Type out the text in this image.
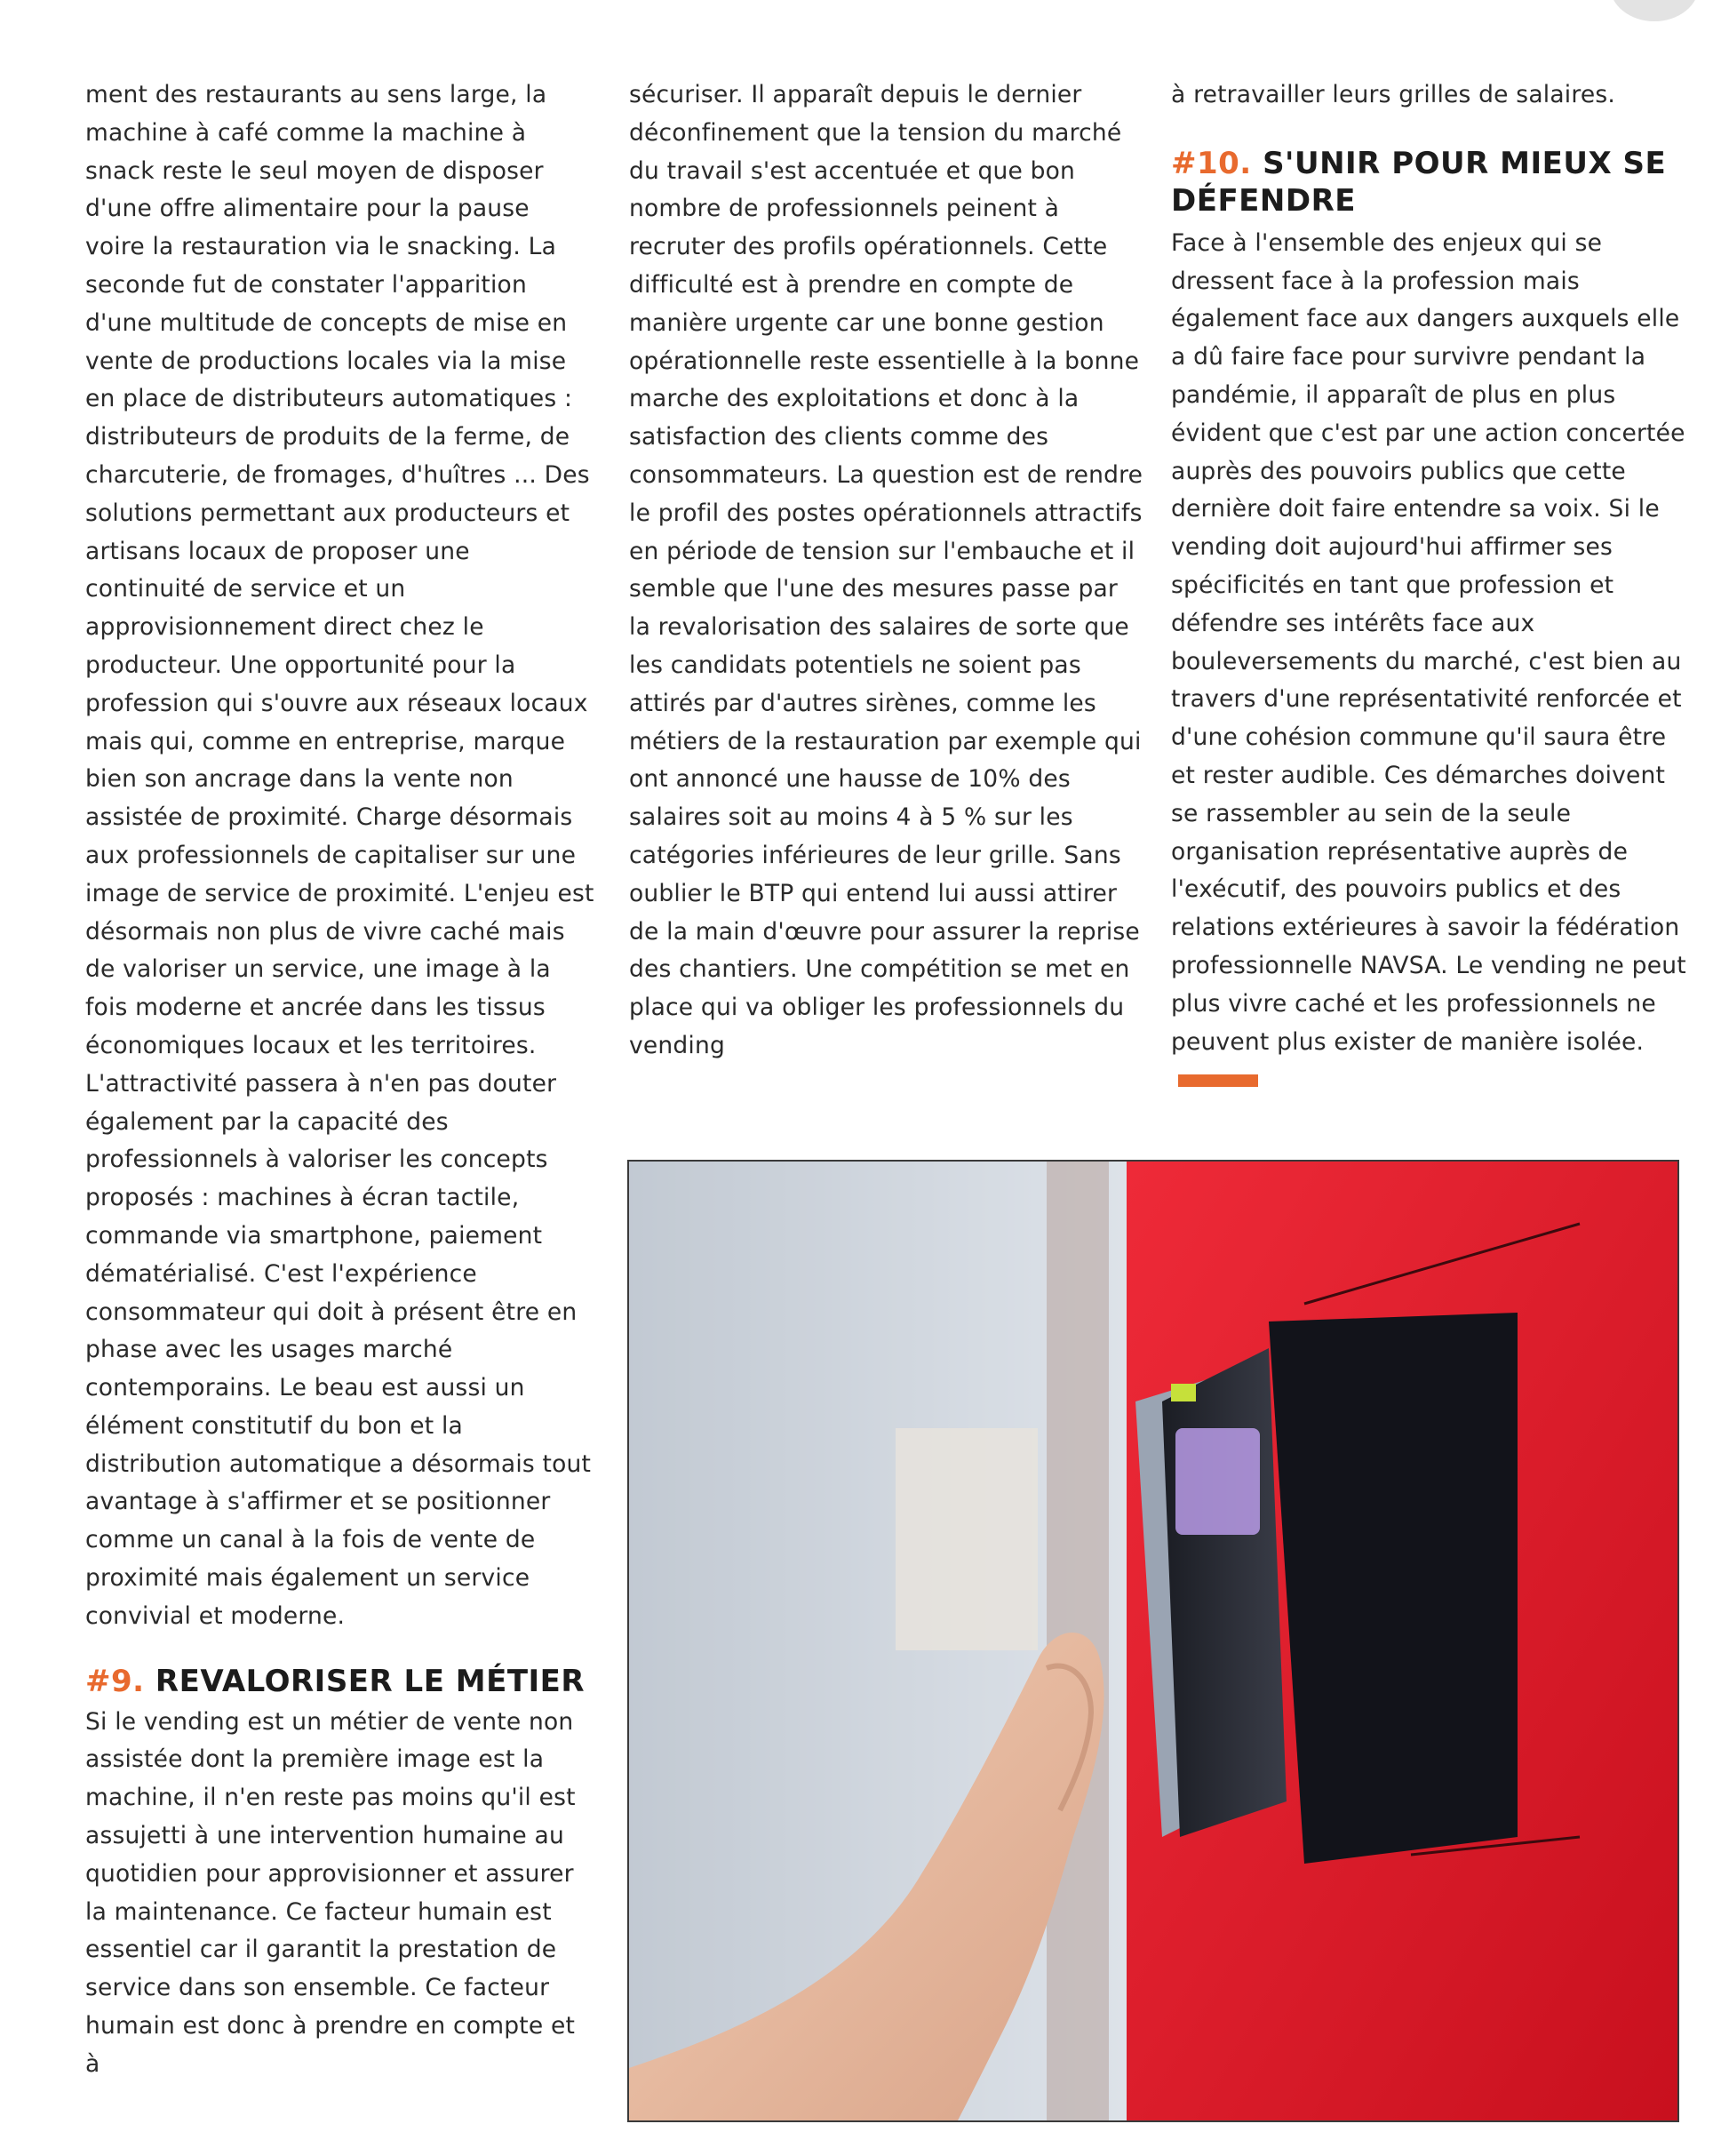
ment des restaurants au sens large, la machine à café comme la machine à snack reste le seul moyen de disposer d'une offre alimentaire pour la pause voire la restauration via le snacking. La seconde fut de constater l'apparition d'une multitude de concepts de mise en vente de productions locales via la mise en place de distributeurs automatiques : distributeurs de produits de la ferme, de charcuterie, de fromages, d'huîtres ... Des solutions permettant aux producteurs et artisans locaux de proposer une continuité de service et un approvisionnement direct chez le producteur. Une opportunité pour la profession qui s'ouvre aux réseaux locaux mais qui, comme en entreprise, marque bien son ancrage dans la vente non assistée de proximité. Charge désormais aux professionnels de capitaliser sur une image de service de proximité. L'enjeu est désormais non plus de vivre caché mais de valoriser un service, une image à la fois moderne et ancrée dans les tissus économiques locaux et les territoires. L'attractivité passera à n'en pas douter également par la capacité des professionnels à valoriser les concepts proposés : machines à écran tactile, commande via smartphone, paiement dématérialisé. C'est l'expérience consommateur qui doit à présent être en phase avec les usages marché contemporains. Le beau est aussi un élément constitutif du bon et la distribution automatique a désormais tout avantage à s'affirmer et se positionner comme un canal à la fois de vente de proximité mais également un service convivial et moderne.

#9. REVALORISER LE MÉTIER

Si le vending est un métier de vente non assistée dont la première image est la machine, il n'en reste pas moins qu'il est assujetti à une intervention humaine au quotidien pour approvisionner et assurer la maintenance. Ce facteur humain est essentiel car il garantit la prestation de service dans son ensemble. Ce facteur humain est donc à prendre en compte et à

sécuriser. Il apparaît depuis le dernier déconfinement que la tension du marché du travail s'est accentuée et que bon nombre de professionnels peinent à recruter des profils opérationnels. Cette difficulté est à prendre en compte de manière urgente car une bonne gestion opérationnelle reste essentielle à la bonne marche des exploitations et donc à la satisfaction des clients comme des consommateurs. La question est de rendre le profil des postes opérationnels attractifs en période de tension sur l'embauche et il semble que l'une des mesures passe par la revalorisation des salaires de sorte que les candidats potentiels ne soient pas attirés par d'autres sirènes, comme les métiers de la restauration par exemple qui ont annoncé une hausse de 10% des salaires soit au moins 4 à 5 % sur les catégories inférieures de leur grille. Sans oublier le BTP qui entend lui aussi attirer de la main d'œuvre pour assurer la reprise des chantiers. Une compétition se met en place qui va obliger les professionnels du vending

à retravailler leurs grilles de salaires.

#10. S'UNIR POUR MIEUX SE DÉFENDRE

Face à l'ensemble des enjeux qui se dressent face à la profession mais également face aux dangers auxquels elle a dû faire face pour survivre pendant la pandémie, il apparaît de plus en plus évident que c'est par une action concertée auprès des pouvoirs publics que cette dernière doit faire entendre sa voix. Si le vending doit aujourd'hui affirmer ses spécificités en tant que profession et défendre ses intérêts face aux bouleversements du marché, c'est bien au travers d'une représentativité renforcée et d'une cohésion commune qu'il saura être et rester audible. Ces démarches doivent se rassembler au sein de la seule organisation représentative auprès de l'exécutif, des pouvoirs publics et des relations extérieures à savoir la fédération professionnelle NAVSA. Le vending ne peut plus vivre caché et les professionnels ne peuvent plus exister de manière isolée.
